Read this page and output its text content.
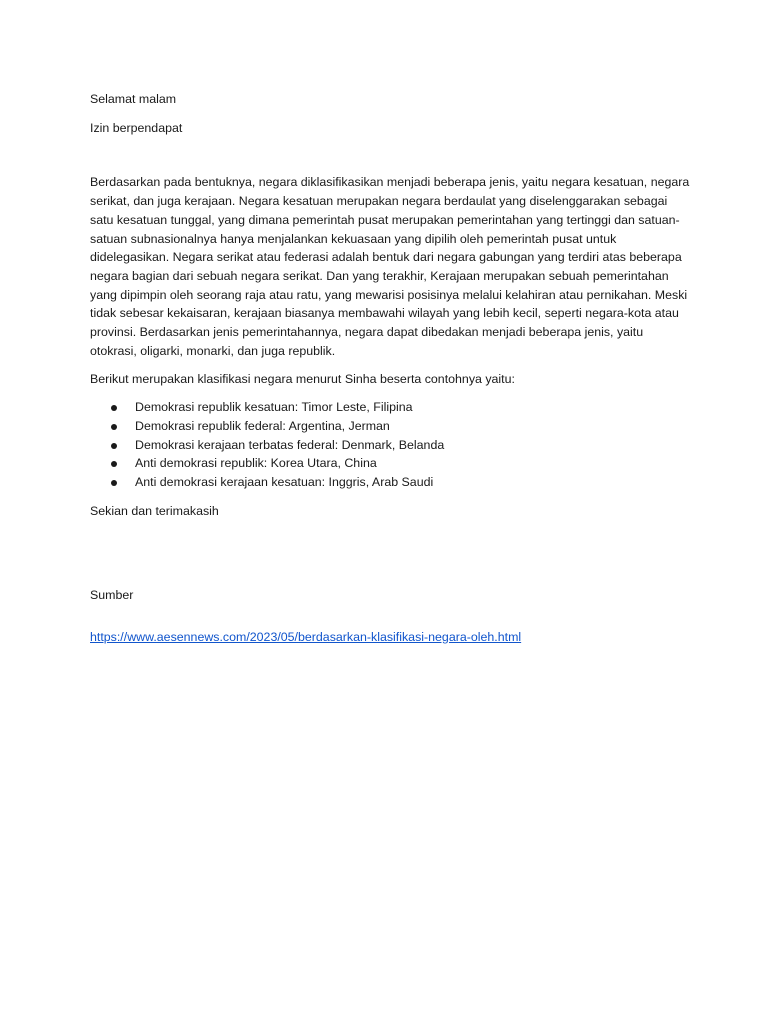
Selamat malam

Izin berpendapat

Berdasarkan pada bentuknya, negara diklasifikasikan menjadi beberapa jenis, yaitu negara kesatuan, negara serikat, dan juga kerajaan. Negara kesatuan merupakan negara berdaulat yang diselenggarakan sebagai satu kesatuan tunggal, yang dimana pemerintah pusat merupakan pemerintahan yang tertinggi dan satuan-satuan subnasionalnya hanya menjalankan kekuasaan yang dipilih oleh pemerintah pusat untuk didelegasikan. Negara serikat atau federasi adalah bentuk dari negara gabungan yang terdiri atas beberapa negara bagian dari sebuah negara serikat. Dan yang terakhir, Kerajaan merupakan sebuah pemerintahan yang dipimpin oleh seorang raja atau ratu, yang mewarisi posisinya melalui kelahiran atau pernikahan. Meski tidak sebesar kekaisaran, kerajaan biasanya membawahi wilayah yang lebih kecil, seperti negara-kota atau provinsi. Berdasarkan jenis pemerintahannya, negara dapat dibedakan menjadi beberapa jenis, yaitu otokrasi, oligarki, monarki, dan juga republik.

Berikut merupakan klasifikasi negara menurut Sinha beserta contohnya yaitu:

Demokrasi republik kesatuan: Timor Leste, Filipina
Demokrasi republik federal: Argentina, Jerman
Demokrasi kerajaan terbatas federal: Denmark, Belanda
Anti demokrasi republik: Korea Utara, China
Anti demokrasi kerajaan kesatuan: Inggris, Arab Saudi

Sekian dan terimakasih

Sumber

https://www.aesennews.com/2023/05/berdasarkan-klasifikasi-negara-oleh.html
